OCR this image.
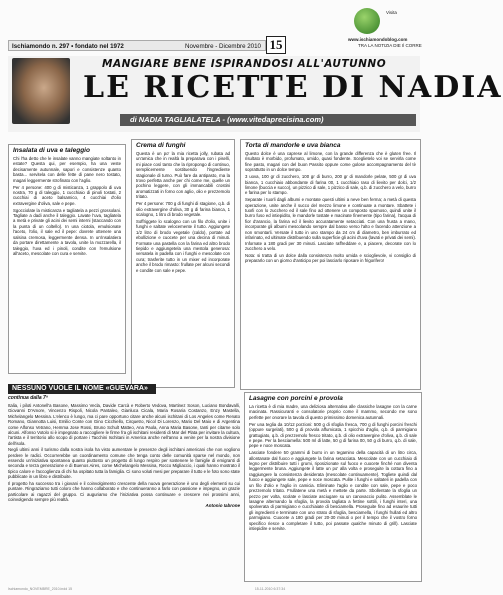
Ischiamondo n. 297 • fondato nel 1972	Novembre - Dicembre 2010 15
Visita
www.ischiamondoblog.com
TRA LA NOTIZIA DIE Il CORRE
MANGIARE BENE ISPIRANDOSI ALL'AUTUNNO
LE RICETTE DI NADIA
di NADIA TAGLIALATELA - (www.vitedaprecisina.com)
Insalata di uva e taleggio

Chi l'ha detto che le insalate vanno mangiate soltanto in estate? Questa qui, per esempio, ha una veste decisamente autunnale, sapori e consistenze quanto basta... servitela con delle fette di pane nero tostato, magari leggermente strofinato con l'aglio.

Per 4 persone: 400 g di misticanza, 1 grappolo di uva nostra, 70 g di taleggio, 1 cucchiaio di pinoli tostati, 2 cucchiai di aceto balsamico, 4 cucchiai d'olio extravergine d'oliva, sale e pepe.

Sgocciolate la misticanza e tagliatela a pezzi grossolani. Tagliate a dadi anche il taleggio. Lavate l'uva, tagliatela a metà e private gli acini dei semi interni (staccando con la punta di un coltello). In una ciotola, emulsionate l'aceto, l'olio, il sale ed il pepe: dovrete ottenere una salsina cremosa, leggermente densa. In un'insalatiera da portare direttamente a tavola, unite la mozzarella, il taleggio, l'uva ed i pinoli, condite con l'emulsione all'aceto, mescolate con cura e servite.

Crema di funghi

Questa è un po' la mia ricetta jolly, rubata ad un'amica che in realtà la preparava con i piselli, mi piace così tanto che la ripropongo di continuo, semplicemente sostituendo l'ingrediente stagionale di turno. Può fare da antipasto, ma la trovo perfetta anche per chi come me, quelle un pochino leggere, con gli immancabili crostini aromatizzati in forno con aglio, olio e prezzemolo tritato.

Per 4 persone: 700 g di funghi di stagione, q.b. di olio extravergine d'oliva, 30 g di farina bianca, 1 scalogno, 1 litro di brodo vegetale.

Soffriggete lo scalogno con un filo d'olio, unite i funghi e saltate velocemente il tutto. Aggiungete 1/2 litro di brodo vegetale (caldo), portate ad ebollizione e cuocete per una decina di minuti. Formate una pastella con la farina ed altro brodo tiepido e aggiungetela una mestola generosa: versatela in padella con i funghi e mescolate con cura; trasferite tutto in un mixer ed incorporate anche il brodo rimasto: frullate per alcuni secondi e condite con sale e pepe.

Torta di mandorle e uva bianca

Questo dolce è una caprese al limone, con la grande differenza che è gluten free. Il risultato è morbido, profumato, umido, quasi fondente. Sceglietelo voi se servirla come fine pasto, magari con del buon Passito oppure come golose accompagnamento del tè soprattutto in un dolce tempo.

3 uova, 100 gr di zucchero, 100 gr di burro, 200 gr di mandorle pelate, 500 gr di uva bianca, 1 cucchiaio abbondante di farina 00, 1 cucchiaio raso di lievito per dolci, 1/2 limone (buccia e succo), un pizzico di sale, 1 pizzico di sale, q.b. di zucchero a velo, burro e farina per lo stampo.

Separate i tuorli dagli albumi e montate questi ultimi a neve ben ferma; a metà di questa operazione, unite anche il succo del mezzo limone e continuate a montare. Sbattete i tuorli con lo zucchero ed il sale fino ad ottenere un composto spumoso, quindi unite il burro fuso ed intiepidito, le mandorle tostate e macinate finemente (tipo farina), l'acqua di fior d'arancio, la farina ed il lievito accuratamente setacciati. Con una frusta a mano, incorporate gli albumi mescolando sempre dal basso verso l'alto e facendo attenzione a non smontarli. Versate il tutto in uno stampo da 24 cm di diametro, ben imburrato ed infarinato, ed ultimate distribuendo sulla superficie gli acini d'uva (lavati e privati dei semi). Infornate a 180 gradi per 30 minuti. Lasciate raffreddare e, a piacere, decorate con lo zucchero a velo.

Nota: si tratta di un dolce dalla consistenza molto umida e scioglievole, vi consiglio di prepararlo con un giorno d'anticipo per poi lasciarlo riposare in frigorifero!

NESSUNO VUOLE IL NOME «GUEVARA»
continua dalla 7ª

Italia, i piloti Antonell'a Basone, Massimo Vecla, Davide Carcà e Roberto Vedova, Martinez Soson, Luciano Bondavalli, Giovanni D'Amore, Vincenzo Rispoli, Nicola Pantaleo, Gianluca Cicala, Maria Rosaria Costanzo, Enzy Mastella, Michelangelo Messina. L'elenco è lungo, ma ci pare opportuno citare anche alcuni ischitani di Los Angeles come Renato Romano, Giannotta Luisi, Emilio Conte con Gino Cicchiello, Cirquetro, Nicol Di Lorenzo, Mario Del Maio e di Argentina come Alfonso Vetrano, Hemma Jose Rossi, Bruno Schult Matteo, Ana Paola, Anna Maria Basone, tanti per citarne solo alcuni. Alfonso Votolo si è impegnato a raccogliere le firme fra gli ischitani residenti di Mar del Plata per invitare la cultura, l'artista e il territorio allo scopo di portare i Tacchini Ischitani in America anche nell'anno a venire per la nostra divisione dell'isola.

Negli ultimi anni il turismo dalla nostra isola ha visto aumentare le presenze degli ischitani americani che non vogliono perdere le radici. Occorrerebbe un coordinamento comune che tenga conto delle comunità sparse nel mondo, non essendo un'iniziativa spontanea quanto piuttosto un progetto di lungo respiro per sostenere le famiglie di emigranti di seconda e terza generazione e di Buenos Aires, come Michelangelo Messina, Rocco Migliaccio, i quali hanno mostrato il tipico calore e l'accoglienza di chi ha ospitato tutta la famiglia. Ci sono voluti mesi per preparare il tutto e le foto sono state pubblicate in un libro e distribuite.

Il progetto ha successo tra i giovani e il coinvolgimento crescente della nuova generazione è uno degli elementi su cui puntare. Ringraziamo tutti coloro che hanno collaborato e che continueranno a farlo con passione e impegno, un grazie particolare ai ragazzi del gruppo. Ci auguriamo che l'iniziativa possa continuare e crescere nei prossimi anni, coinvolgendo sempre più realtà.

Antonio Iabrone
Lasagne con porcini e provola

La ricetta è di mia madre, una deliziosa alternativa alle classiche lasagne con la carne macinata. Rassicuranti e consolatorie proprio come il mammo, secondo me sono perfette per onorare la tavola di questo primissimo domenica autunnali.

Per una teglia da 10/12 porzioni: 500 g di sfoglia fresca, 700 g di funghi porcini freschi (oppure surgelati), 500 g di provola affumicata, 1 spicchio d'aglio, q.b. di parmigiano grattugiato, q.b. di prezzemolo fresco tritato, q.b. di olio extravergine d'oliva, q.b. di sale e pepe. Per la besciamella: 500 ml di latte, 50 g di farina 00, 50 g di burro, q.b. di sale, pepe e noce moscata.

Lasciate fondere 50 grammi di burro in un tegamino della capacità di un litro circa, allontanate dal fuoco e aggiungete la farina setacciata. Mescolate con un cucchiaio di legno per distribuire tutti i grumi, riposizionate sul fuoco e cuocete finché non diventa leggermente bruna. Aggiungete il latte un po' alla volta e proseguite la cottura fino a raggiungere la consistenza desiderata (mescolate continuamente). Togliete quindi dal fuoco e aggiungete sale, pepe e noce moscata. Pulite i funghi e saltateli in padella con un filo d'olio e l'aglio in camicia. Eliminate l'aglio e condite con sale, pepe e poco prezzemolo tritato. Frullatene una metà e mettete da parte. Sbollentate la sfoglia un pezzo per volta, scolate e lasciate asciugare su un canovaccio pulito. Assemblate le lasagne alternando la sfoglia, la provola tagliata a fettine sottili, i funghi interi, una spolverata di parmigiano e cucchiaiate di besciamella. Proseguite fino ad esaurire tutti gli ingredienti e terminate con uno strato di sfoglia, besciamella, i funghi frullati ed altro parmigiano. Cuocete a 180 gradi per 20-30 minuti o per il tempo che il vostro forno specifico riesce a completare il tutto, poi passate qualche minuto di grill). Lasciate intiepidire e servite.

Ischiamondo_NOVEMBRE_2010.indd 15	15-11-2010 6:37:34
